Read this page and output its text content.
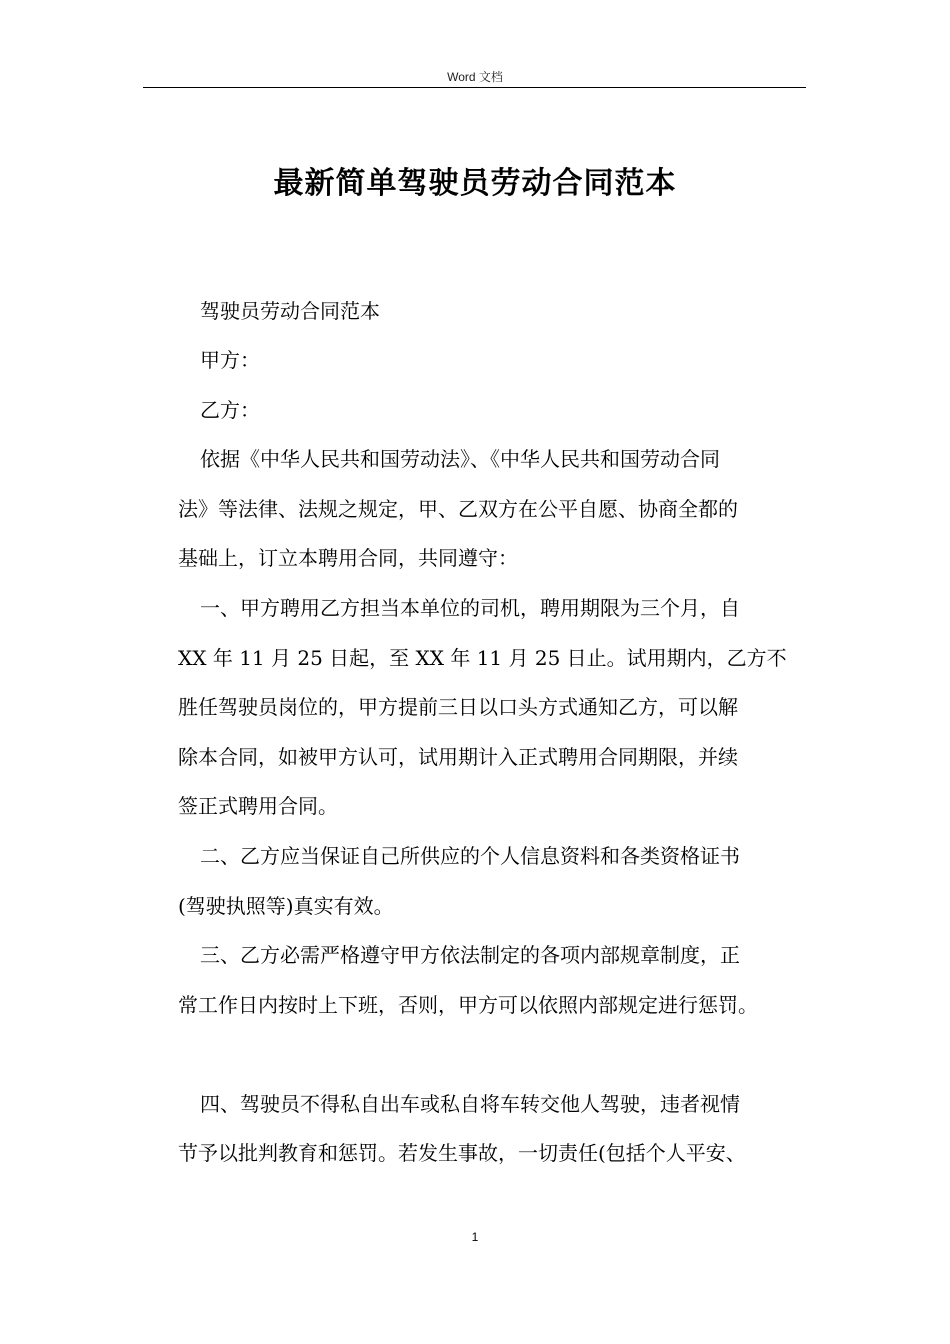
Word 文档
最新简单驾驶员劳动合同范本
驾驶员劳动合同范本
甲方：
乙方：
依据《中华人民共和国劳动法》、《中华人民共和国劳动合同
法》等法律、法规之规定，甲、乙双方在公平自愿、协商全都的
基础上，订立本聘用合同，共同遵守：
一、甲方聘用乙方担当本单位的司机，聘用期限为三个月，自
XX 年 11 月 25 日起，至 XX 年 11 月 25 日止。试用期内，乙方不
胜任驾驶员岗位的，甲方提前三日以口头方式通知乙方，可以解
除本合同，如被甲方认可，试用期计入正式聘用合同期限，并续
签正式聘用合同。
二、乙方应当保证自己所供应的个人信息资料和各类资格证书
(驾驶执照等)真实有效。
三、乙方必需严格遵守甲方依法制定的各项内部规章制度，正
常工作日内按时上下班，否则，甲方可以依照内部规定进行惩罚。
四、驾驶员不得私自出车或私自将车转交他人驾驶，违者视情
节予以批判教育和惩罚。若发生事故，一切责任(包括个人平安、
1
